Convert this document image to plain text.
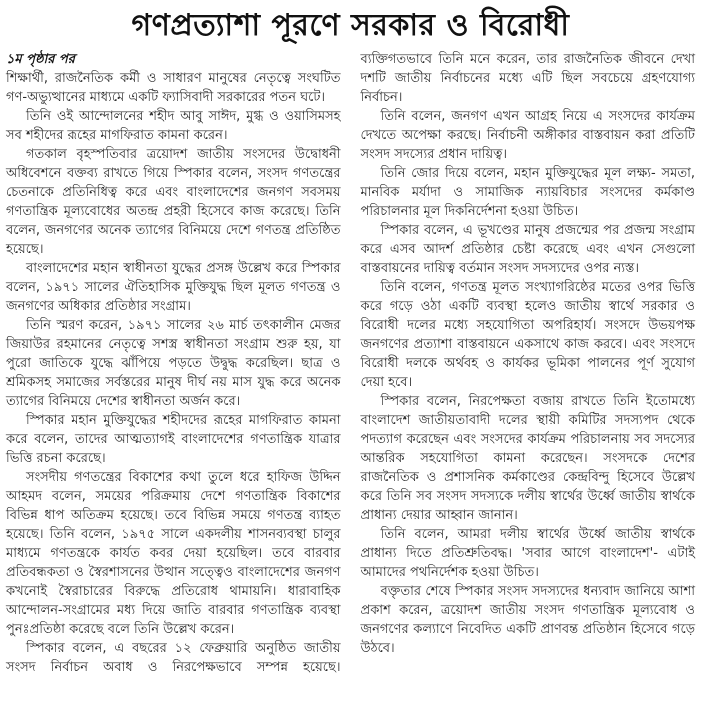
গণপ্রত্যাশা পূরণে সরকার ও বিরোধী
১ম পৃষ্ঠার পর

শিক্ষার্থী, রাজনৈতিক কর্মী ও সাধারণ মানুষের নেতৃত্বে সংঘটিত গণ-অভ্যুত্থানের মাধ্যমে একটি ফ্যাসিবাদী সরকারের পতন ঘটে।

তিনি ওই আন্দোলনের শহীদ আবু সাঈদ, মুগ্ধ ও ওয়াসিমসহ সব শহীদের রূহের মাগফিরাত কামনা করেন।

গতকাল বৃহস্পতিবার ত্রয়োদশ জাতীয় সংসদের উদ্বোধনী অধিবেশনে বক্তব্য রাখতে গিয়ে স্পিকার বলেন, সংসদ গণতন্ত্রের চেতনাকে প্রতিনিধিত্ব করে এবং বাংলাদেশের জনগণ সবসময় গণতান্ত্রিক মূল্যবোধের অতন্দ্র প্রহরী হিসেবে কাজ করেছে। তিনি বলেন, জনগণের অনেক ত্যাগের বিনিময়ে দেশে গণতন্ত্র প্রতিষ্ঠিত হয়েছে।

বাংলাদেশের মহান স্বাধীনতা যুদ্ধের প্রসঙ্গ উল্লেখ করে স্পিকার বলেন, ১৯৭১ সালের ঐতিহাসিক মুক্তিযুদ্ধ ছিল মূলত গণতন্ত্র ও জনগণের অধিকার প্রতিষ্ঠার সংগ্রাম।

তিনি স্মরণ করেন, ১৯৭১ সালের ২৬ মার্চ তৎকালীন মেজর জিয়াউর রহমানের নেতৃত্বে সশস্ত্র স্বাধীনতা সংগ্রাম শুরু হয়, যা পুরো জাতিকে যুদ্ধে ঝাঁপিয়ে পড়তে উদ্বুদ্ধ করেছিল। ছাত্র ও শ্রমিকসহ সমাজের সর্বস্তরের মানুষ দীর্ঘ নয় মাস যুদ্ধ করে অনেক ত্যাগের বিনিময়ে দেশের স্বাধীনতা অর্জন করে।

স্পিকার মহান মুক্তিযুদ্ধের শহীদদের রূহের মাগফিরাত কামনা করে বলেন, তাদের আত্মত্যাগই বাংলাদেশের গণতান্ত্রিক যাত্রার ভিত্তি রচনা করেছে।

সংসদীয় গণতন্ত্রের বিকাশের কথা তুলে ধরে হাফিজ উদ্দিন আহমদ বলেন, সময়ের পরিক্রমায় দেশে গণতান্ত্রিক বিকাশের বিভিন্ন ধাপ অতিক্রম হয়েছে। তবে বিভিন্ন সময়ে গণতন্ত্র ব্যাহত হয়েছে। তিনি বলেন, ১৯৭৫ সালে একদলীয় শাসনব্যবস্থা চালুর মাধ্যমে গণতন্ত্রকে কার্যত কবর দেয়া হয়েছিল। তবে বারবার প্রতিবন্ধকতা ও স্বৈরশাসনের উত্থান সত্ত্বেও বাংলাদেশের জনগণ কখনোই স্বৈরাচারের বিরুদ্ধে প্রতিরোধ থামায়নি। ধারাবাহিক আন্দোলন-সংগ্রামের মধ্য দিয়ে জাতি বারবার গণতান্ত্রিক ব্যবস্থা পুনঃপ্রতিষ্ঠা করেছে বলে তিনি উল্লেখ করেন।

স্পিকার বলেন, এ বছরের ১২ ফেব্রুয়ারি অনুষ্ঠিত জাতীয় সংসদ নির্বাচন অবাধ ও নিরপেক্ষভাবে সম্পন্ন হয়েছে। ব্যক্তিগতভাবে তিনি মনে করেন, তার রাজনৈতিক জীবনে দেখা দশটি জাতীয় নির্বাচনের মধ্যে এটি ছিল সবচেয়ে গ্রহণযোগ্য নির্বাচন।

তিনি বলেন, জনগণ এখন আগ্রহ নিয়ে এ সংসদের কার্যক্রম দেখতে অপেক্ষা করছে। নির্বাচনী অঙ্গীকার বাস্তবায়ন করা প্রতিটি সংসদ সদস্যের প্রধান দায়িত্ব।

তিনি জোর দিয়ে বলেন, মহান মুক্তিযুদ্ধের মূল লক্ষ্য- সমতা, মানবিক মর্যাদা ও সামাজিক ন্যায়বিচার সংসদের কর্মকাণ্ড পরিচালনার মূল দিকনির্দেশনা হওয়া উচিত।

স্পিকার বলেন, এ ভূখণ্ডের মানুষ প্রজন্মের পর প্রজন্ম সংগ্রাম করে এসব আদর্শ প্রতিষ্ঠার চেষ্টা করেছে এবং এখন সেগুলো বাস্তবায়নের দায়িত্ব বর্তমান সংসদ সদস্যদের ওপর ন্যস্ত।

তিনি বলেন, গণতন্ত্র মূলত সংখ্যাগরিষ্ঠের মতের ওপর ভিত্তি করে গড়ে ওঠা একটি ব্যবস্থা হলেও জাতীয় স্বার্থে সরকার ও বিরোধী দলের মধ্যে সহযোগিতা অপরিহার্য। সংসদে উভয়পক্ষ জনগণের প্রত্যাশা বাস্তবায়নে একসাথে কাজ করবে। এবং সংসদে বিরোধী দলকে অর্থবহ ও কার্যকর ভূমিকা পালনের পূর্ণ সুযোগ দেয়া হবে।

স্পিকার বলেন, নিরপেক্ষতা বজায় রাখতে তিনি ইতোমধ্যে বাংলাদেশ জাতীয়তাবাদী দলের স্থায়ী কমিটির সদস্যপদ থেকে পদত্যাগ করেছেন এবং সংসদের কার্যক্রম পরিচালনায় সব সদস্যের আন্তরিক সহযোগিতা কামনা করেছেন। সংসদকে দেশের রাজনৈতিক ও প্রশাসনিক কর্মকাণ্ডের কেন্দ্রবিন্দু হিসেবে উল্লেখ করে তিনি সব সংসদ সদস্যকে দলীয় স্বার্থের উর্ধ্বে জাতীয় স্বার্থকে প্রাধান্য দেয়ার আহ্বান জানান।

তিনি বলেন, আমরা দলীয় স্বার্থের উর্ধ্বে জাতীয় স্বার্থকে প্রাধান্য দিতে প্রতিশ্রুতিবদ্ধ। 'সবার আগে বাংলাদেশ'- এটাই আমাদের পথনির্দেশক হওয়া উচিত।

বক্তৃতার শেষে স্পিকার সংসদ সদস্যদের ধন্যবাদ জানিয়ে আশা প্রকাশ করেন, ত্রয়োদশ জাতীয় সংসদ গণতান্ত্রিক মূল্যবোধ ও জনগণের কল্যাণে নিবেদিত একটি প্রাণবন্ত প্রতিষ্ঠান হিসেবে গড়ে উঠবে।
